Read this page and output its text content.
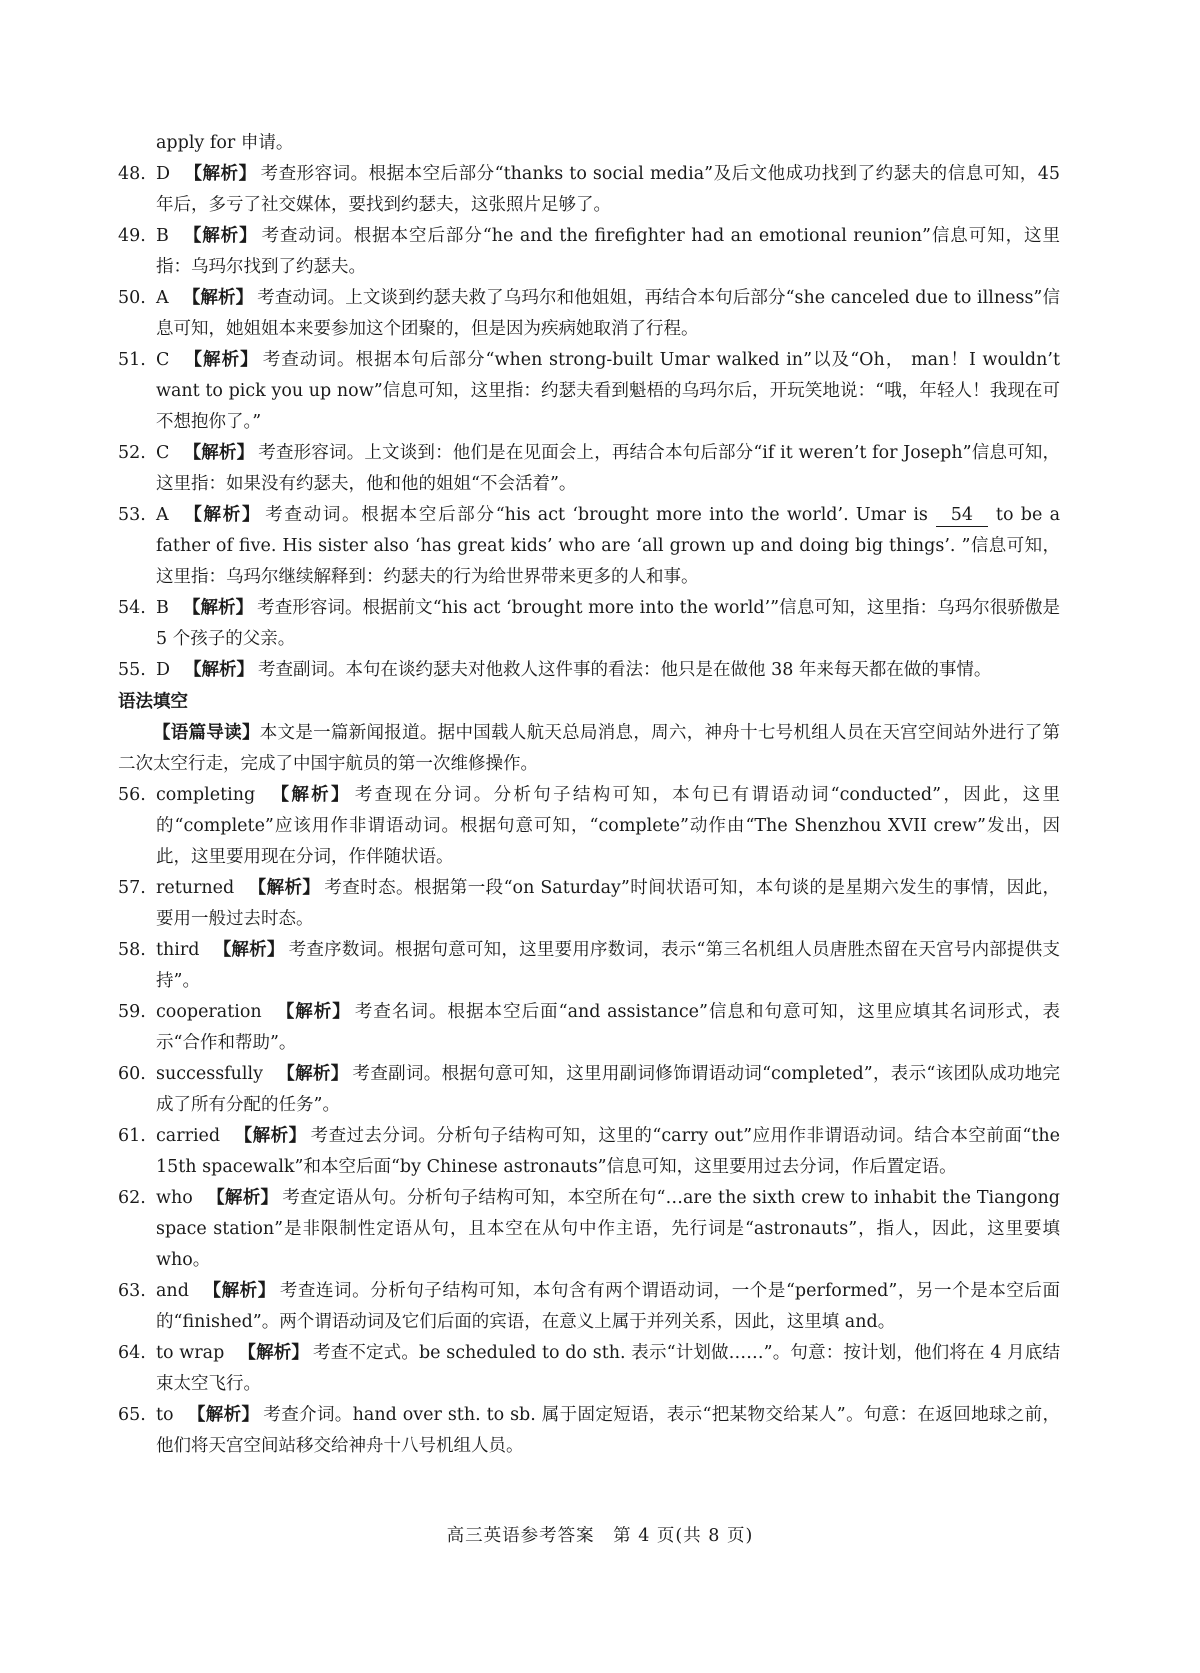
apply for 申请。
48. D 【解析】 考查形容词。根据本空后部分“thanks to social media”及后文他成功找到了约瑟夫的信息可知，45 年后，多亏了社交媒体，要找到约瑟夫，这张照片足够了。
49. B 【解析】 考查动词。根据本空后部分“he and the firefighter had an emotional reunion”信息可知，这里指：乌玛尔找到了约瑟夫。
50. A 【解析】 考查动词。上文谈到约瑟夫救了乌玛尔和他姐姐，再结合本句后部分“she canceled due to illness”信息可知，她姐姐本来要参加这个团聚的，但是因为疾病她取消了行程。
51. C 【解析】 考查动词。根据本句后部分“when strong-built Umar walked in”以及“Oh， man！I wouldn’t want to pick you up now”信息可知，这里指：约瑟夫看到魁梧的乌玛尔后，开玩笑地说：“哦，年轻人！我现在可不想抱你了。”
52. C 【解析】 考查形容词。上文谈到：他们是在见面会上，再结合本句后部分“if it weren’t for Joseph”信息可知，这里指：如果没有约瑟夫，他和他的姐姐“不会活着”。
53. A 【解析】 考查动词。根据本空后部分“his act ‘brought more into the world’. Umar is 54 to be a father of five. His sister also ‘has great kids’ who are ‘all grown up and doing big things’. ”信息可知，这里指：乌玛尔继续解释到：约瑟夫的行为给世界带来更多的人和事。
54. B 【解析】 考查形容词。根据前文“his act ‘brought more into the world’”信息可知，这里指：乌玛尔很骄傲是 5 个孩子的父亲。
55. D 【解析】 考查副词。本句在谈约瑟夫对他救人这件事的看法：他只是在做他 38 年来每天都在做的事情。
语法填空

【语篇导读】本文是一篇新闻报道。据中国载人航天总局消息，周六，神舟十七号机组人员在天宫空间站外进行了第二次太空行走，完成了中国宇航员的第一次维修操作。

56. completing 【解析】 考查现在分词。分析句子结构可知，本句已有谓语动词“conducted”，因此，这里的“complete”应该用作非谓语动词。根据句意可知，“complete”动作由“The Shenzhou XVII crew”发出，因此，这里要用现在分词，作伴随状语。
57. returned 【解析】 考查时态。根据第一段“on Saturday”时间状语可知，本句谈的是星期六发生的事情，因此，要用一般过去时态。
58. third 【解析】 考查序数词。根据句意可知，这里要用序数词，表示“第三名机组人员唐胜杰留在天宫号内部提供支持”。
59. cooperation 【解析】 考查名词。根据本空后面“and assistance”信息和句意可知，这里应填其名词形式，表示“合作和帮助”。
60. successfully 【解析】 考查副词。根据句意可知，这里用副词修饰谓语动词“completed”，表示“该团队成功地完成了所有分配的任务”。
61. carried 【解析】 考查过去分词。分析句子结构可知，这里的“carry out”应用作非谓语动词。结合本空前面“the 15th spacewalk”和本空后面“by Chinese astronauts”信息可知，这里要用过去分词，作后置定语。
62. who 【解析】 考查定语从句。分析句子结构可知，本空所在句“…are the sixth crew to inhabit the Tiangong space station”是非限制性定语从句，且本空在从句中作主语，先行词是“astronauts”，指人，因此，这里要填 who。
63. and 【解析】 考查连词。分析句子结构可知，本句含有两个谓语动词，一个是“performed”，另一个是本空后面的“finished”。两个谓语动词及它们后面的宾语，在意义上属于并列关系，因此，这里填 and。
64. to wrap 【解析】 考查不定式。be scheduled to do sth. 表示“计划做……”。句意：按计划，他们将在 4 月底结束太空飞行。
65. to 【解析】 考查介词。hand over sth. to sb. 属于固定短语，表示“把某物交给某人”。句意：在返回地球之前，他们将天宫空间站移交给神舟十八号机组人员。
高三英语参考答案　第 4 页(共 8 页)
